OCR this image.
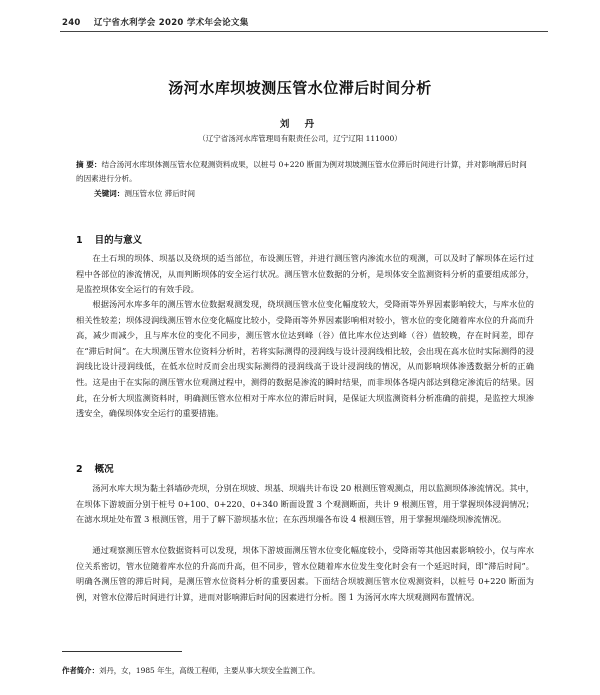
240 辽宁省水利学会 2020 学术年会论文集
汤河水库坝坡测压管水位滞后时间分析
刘 丹
（辽宁省汤河水库管理局有限责任公司，辽宁辽阳 111000）
摘 要：结合汤河水库坝体测压管水位观测资料成果，以桩号 0+220 断面为例对坝坡测压管水位滞后时间进行计算，并对影响滞后时间的因素进行分析。
关键词：测压管水位 滞后时间
1 目的与意义
在土石坝的坝体、坝基以及绕坝的适当部位，布设测压管，并进行测压管内渗流水位的观测，可以及时了解坝体在运行过程中各部位的渗流情况，从而判断坝体的安全运行状况。测压管水位数据的分析，是坝体安全监测资料分析的重要组成部分，是监控坝体安全运行的有效手段。
根据汤河水库多年的测压管水位数据观测发现，绕坝测压管水位变化幅度较大，受降雨等外界因素影响较大，与库水位的相关性较差；坝体浸润线测压管水位变化幅度比较小，受降雨等外界因素影响相对较小，管水位的变化随着库水位的升高而升高，减少而减少，且与库水位的变化不同步，测压管水位达到峰（谷）值比库水位达到峰（谷）值较晚，存在时间差，即存在“滞后时间”。在大坝测压管水位资料分析时，若将实际测得的浸润线与设计浸润线相比较，会出现在高水位时实际测得的浸润线比设计浸润线低，在低水位时反而会出现实际测得的浸润线高于设计浸润线的情况，从而影响坝体渗透数据分析的正确性。这是由于在实际的测压管水位观测过程中，测得的数据是渗流的瞬时结果，而非坝体各堤内部达到稳定渗流后的结果。因此，在分析大坝监测资料时，明确测压管水位相对于库水位的滞后时间，是保证大坝监测资料分析准确的前提，是监控大坝渗透安全，确保坝体安全运行的重要措施。
2 概况
汤河水库大坝为黏土斜墙砂壳坝，分别在坝坡、坝基、坝端共计布设 20 根测压管观测点，用以监测坝体渗流情况。其中，在坝体下游坡面分别于桩号 0+100、0+220、0+340 断面设置 3 个观测断面，共计 9 根测压管，用于掌握坝体浸润情况；在滤水坝址处布置 3 根测压管，用于了解下游坝基水位；在东西坝端各布设 4 根测压管，用于掌握坝端绕坝渗流情况。
通过观察测压管水位数据资料可以发现，坝体下游坡面测压管水位变化幅度较小，受降雨等其他因素影响较小，仅与库水位关系密切，管水位随着库水位的升高而升高，但不同步，管水位随着库水位发生变化时会有一个延迟时间，即“滞后时间”。明确各测压管的滞后时间，是测压管水位资料分析的重要因素。下面结合坝坡测压管水位观测资料，以桩号 0+220 断面为例，对管水位滞后时间进行计算，进而对影响滞后时间的因素进行分析。图 1 为汤河水库大坝观测网布置情况。
作者简介：刘丹，女，1985 年生，高级工程师，主要从事大坝安全监测工作。
